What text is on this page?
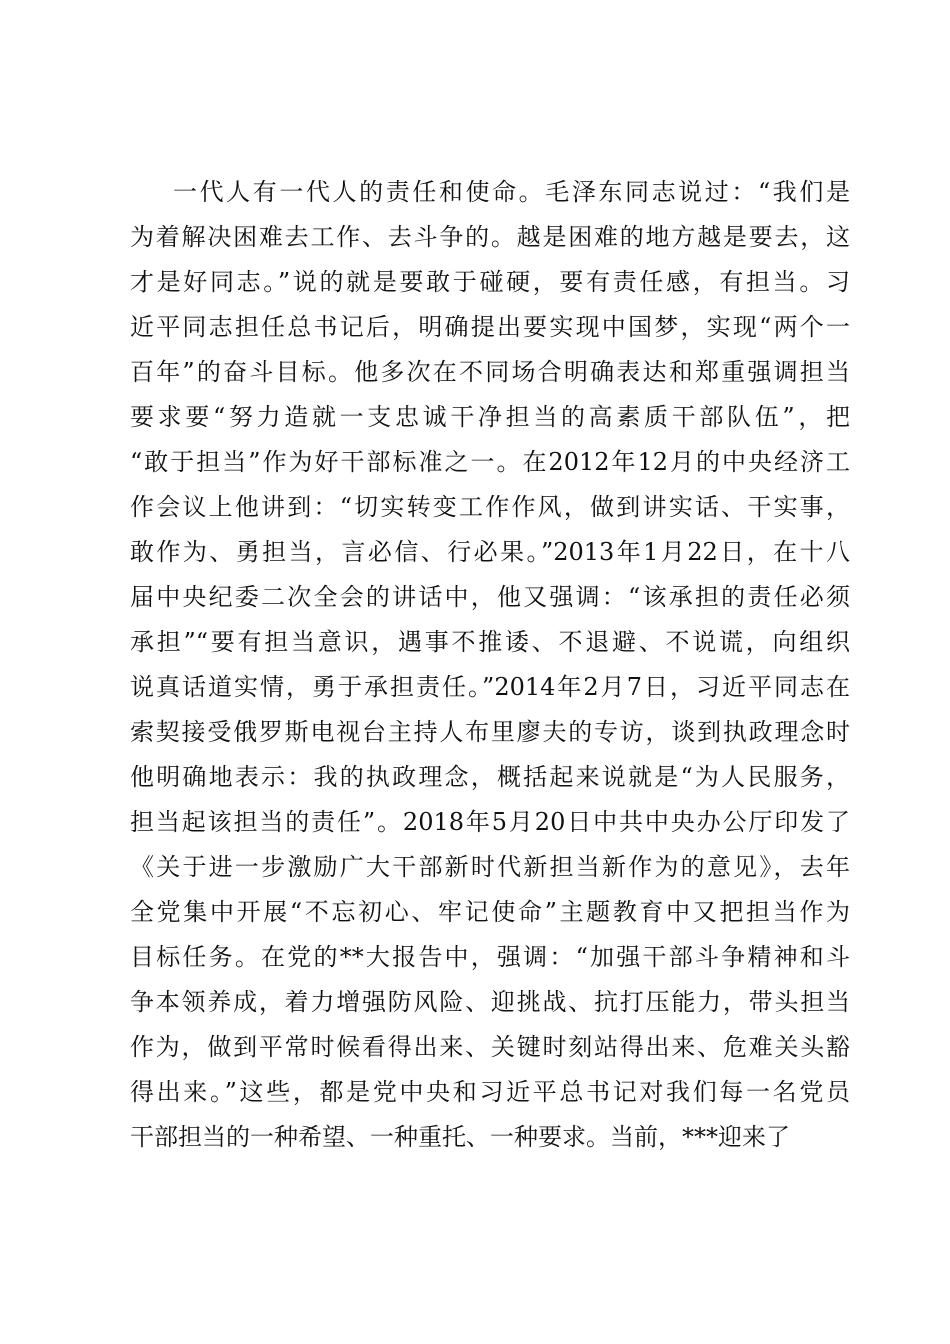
一代人有一代人的责任和使命。毛泽东同志说过：“我们是
为着解决困难去工作、去斗争的。越是困难的地方越是要去，这
才是好同志。”说的就是要敢于碰硬，要有责任感，有担当。习
近平同志担任总书记后，明确提出要实现中国梦，实现“两个一
百年”的奋斗目标。他多次在不同场合明确表达和郑重强调担当
要求要“努力造就一支忠诚干净担当的高素质干部队伍”，把
“敢于担当”作为好干部标准之一。在2012年12月的中央经济工
作会议上他讲到：“切实转变工作作风，做到讲实话、干实事，
敢作为、勇担当，言必信、行必果。”2013年1月22日，在十八
届中央纪委二次全会的讲话中，他又强调：“该承担的责任必须
承担”“要有担当意识，遇事不推诿、不退避、不说谎，向组织
说真话道实情，勇于承担责任。”2014年2月7日，习近平同志在
索契接受俄罗斯电视台主持人布里廖夫的专访，谈到执政理念时
他明确地表示：我的执政理念，概括起来说就是“为人民服务，
担当起该担当的责任”。2018年5月20日中共中央办公厅印发了
《关于进一步激励广大干部新时代新担当新作为的意见》，去年
全党集中开展“不忘初心、牢记使命”主题教育中又把担当作为
目标任务。在党的**大报告中，强调：“加强干部斗争精神和斗
争本领养成，着力增强防风险、迎挑战、抗打压能力，带头担当
作为，做到平常时候看得出来、关键时刻站得出来、危难关头豁
得出来。”这些，都是党中央和习近平总书记对我们每一名党员
干部担当的一种希望、一种重托、一种要求。当前，***迎来了
